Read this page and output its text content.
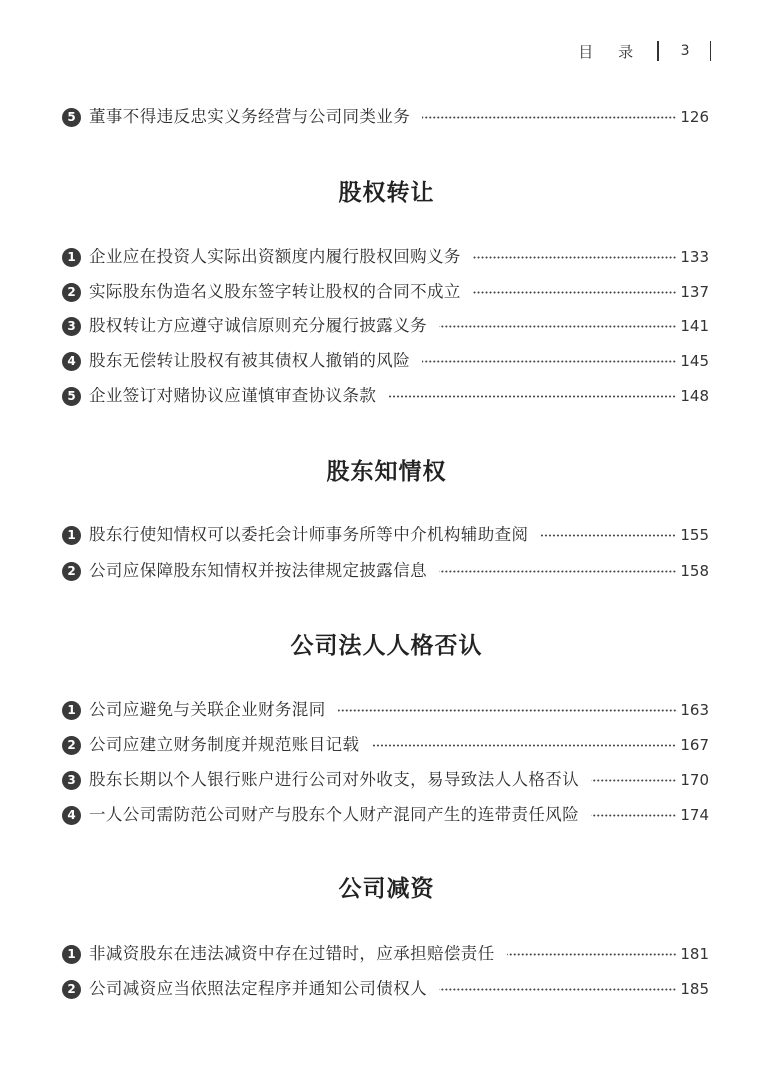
目 录	3
5 董事不得违反忠实义务经营与公司同类业务	126
股权转让
1 企业应在投资人实际出资额度内履行股权回购义务	133
2 实际股东伪造名义股东签字转让股权的合同不成立	137
3 股权转让方应遵守诚信原则充分履行披露义务	141
4 股东无偿转让股权有被其债权人撤销的风险	145
5 企业签订对赌协议应谨慎审查协议条款	148
股东知情权
1 股东行使知情权可以委托会计师事务所等中介机构辅助查阅	155
2 公司应保障股东知情权并按法律规定披露信息	158
公司法人人格否认
1 公司应避免与关联企业财务混同	163
2 公司应建立财务制度并规范账目记载	167
3 股东长期以个人银行账户进行公司对外收支，易导致法人人格否认	170
4 一人公司需防范公司财产与股东个人财产混同产生的连带责任风险	174
公司减资
1 非减资股东在违法减资中存在过错时，应承担赔偿责任	181
2 公司减资应当依照法定程序并通知公司债权人	185
